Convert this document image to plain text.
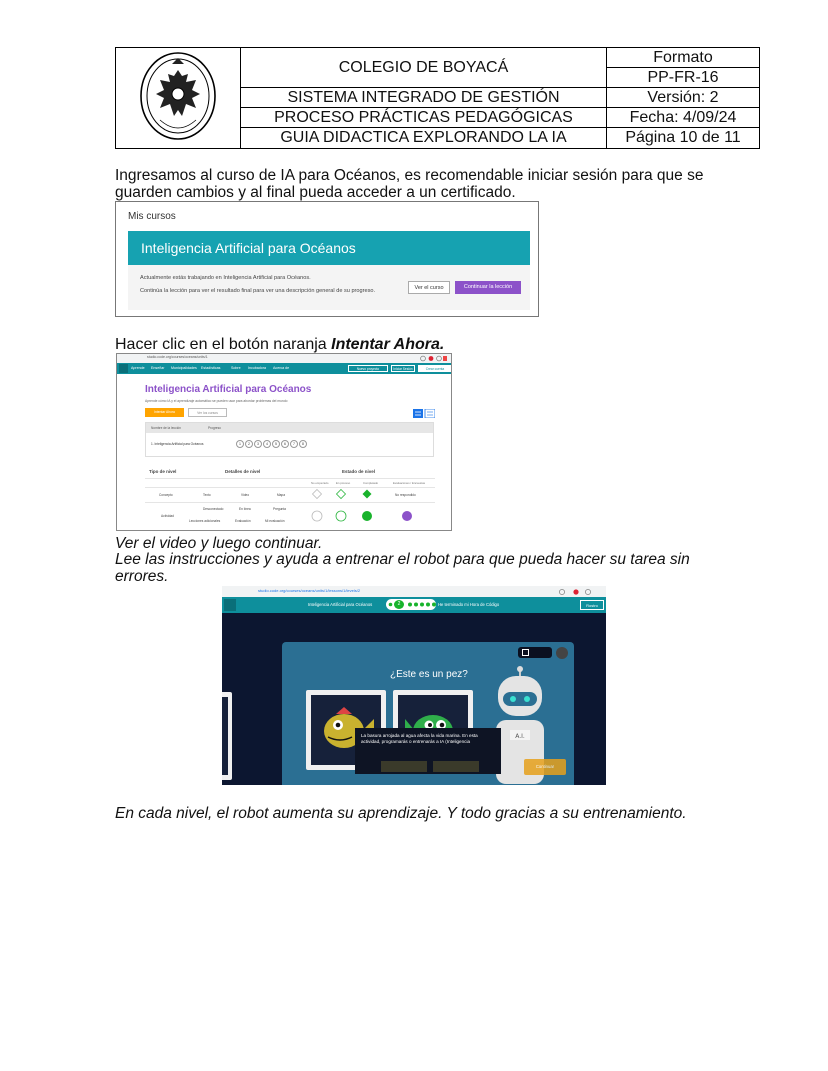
	COLEGIO DE BOYACÁ	Formato
		PP-FR-16
	SISTEMA INTEGRADO DE GESTIÓN	Versión: 2
	PROCESO PRÁCTICAS PEDAGÓGICAS	Fecha: 4/09/24
	GUIA DIDACTICA EXPLORANDO LA IA	Página 10 de 11
Ingresamos al curso de IA para Océanos, es recomendable iniciar sesión para que se guarden cambios y al final pueda acceder a un certificado.
Mis cursos
Inteligencia Artificial para Océanos
Actualmente estás trabajando en Inteligencia Artificial para Océanos.
Continúa la lección para ver el resultado final para ver una descripción general de su progreso.	Ver el curso	Continuar la lección
Hacer clic en el botón naranja Intentar Ahora.
studio.code.org/courses/oceans/units/1
Aprende Enseñar Municipalidades Estadísticas	Sobre Incubadora Acerca de	Nuevo proyecto	Iniciar Sesión	Crear cuenta
Inteligencia Artificial para Océanos
Aprende cómo IA y el aprendizaje automático se pueden usar para abordar problemas del mundo
Intentar Ahora	Ver los cursos
Nombre de la lección	Progreso
1. Inteligencia Artificial para Océanos	1	2	3	4	5	6	7	8
Tipo de nivel	Detalles de nivel	Estado de nivel
No empezado	En proceso	Completado	Evaluaciones / Encuestas
Concepto	Texto	Video	Mapa	No respondido
Actividad
Desconectado	En línea	Pregunta
Lecciones adicionales	Evaluación	Mi evaluación
Ver el video y luego continuar.
Lee las instrucciones y ayuda a entrenar el robot para que pueda hacer su tarea sin errores.
studio.code.org/courses/oceans/units/1/lessons/1/levels/2
Inteligencia Artificial para Océanos	2	He terminado mi Hora de Código	Rostro
¿Este es un pez?
A.I.
La basura arrojada al agua afecta la vida marina. En esta actividad, programarás o entrenarás a IA (Inteligencia
Continuar
En cada nivel, el robot aumenta su aprendizaje. Y todo gracias a su entrenamiento.
